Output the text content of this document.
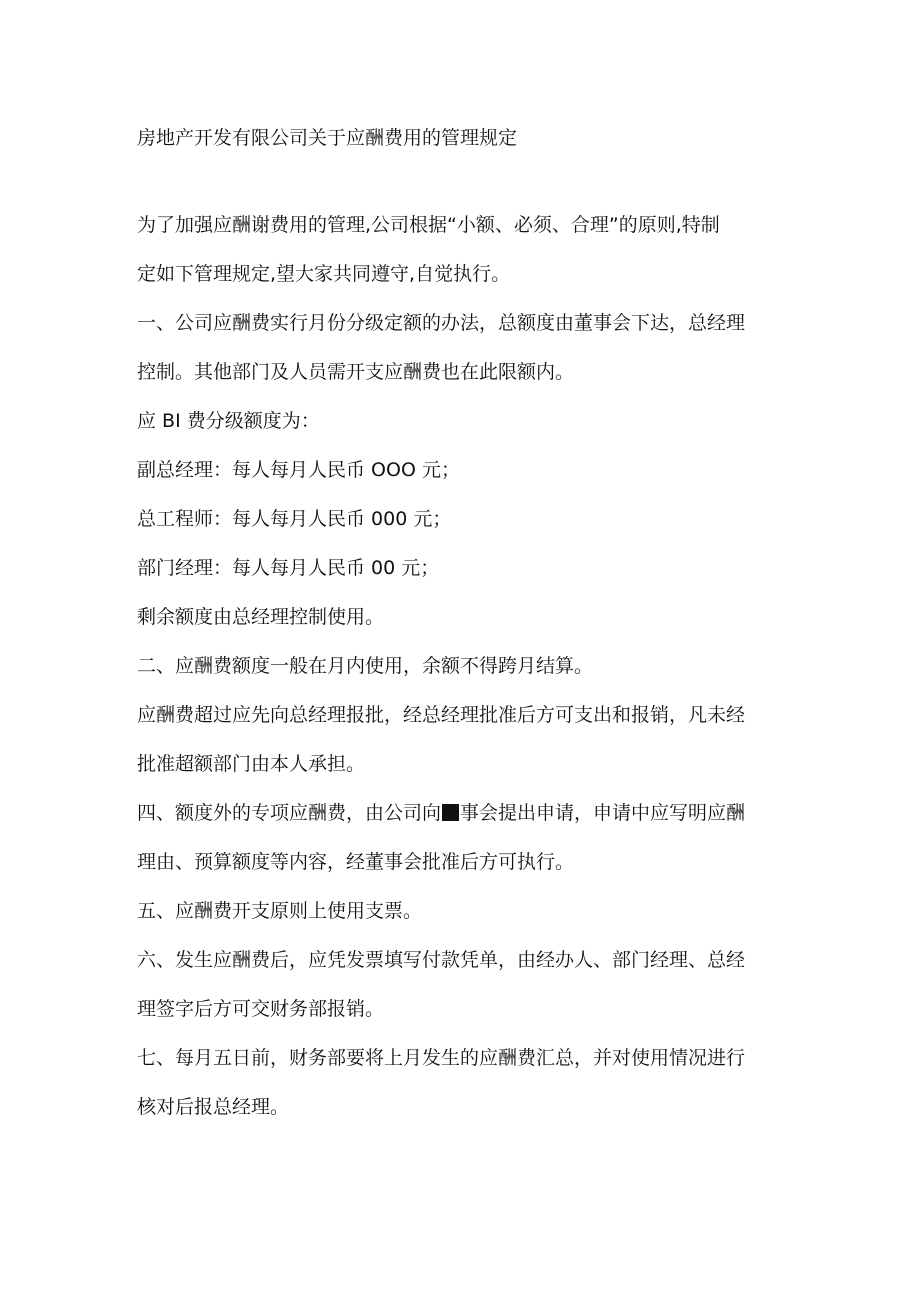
房地产开发有限公司关于应酬费用的管理规定
为了加强应酬谢费用的管理,公司根据“小额、必须、合理”的原则,特制
定如下管理规定,望大家共同遵守,自觉执行。
一、公司应酬费实行月份分级定额的办法，总额度由董事会下达，总经理
控制。其他部门及人员需开支应酬费也在此限额内。
应 BI 费分级额度为：
副总经理：每人每月人民币 OOO 元；
总工程师：每人每月人民币 000 元；
部门经理：每人每月人民币 00 元；
剩余额度由总经理控制使用。
二、应酬费额度一般在月内使用，余额不得跨月结算。
应酬费超过应先向总经理报批，经总经理批准后方可支出和报销，凡未经
批准超额部门由本人承担。
四、额度外的专项应酬费，由公司向 事会提出申请，申请中应写明应酬
理由、预算额度等内容，经董事会批准后方可执行。
五、应酬费开支原则上使用支票。
六、发生应酬费后，应凭发票填写付款凭单，由经办人、部门经理、总经
理签字后方可交财务部报销。
七、每月五日前，财务部要将上月发生的应酬费汇总，并对使用情况进行
核对后报总经理。
